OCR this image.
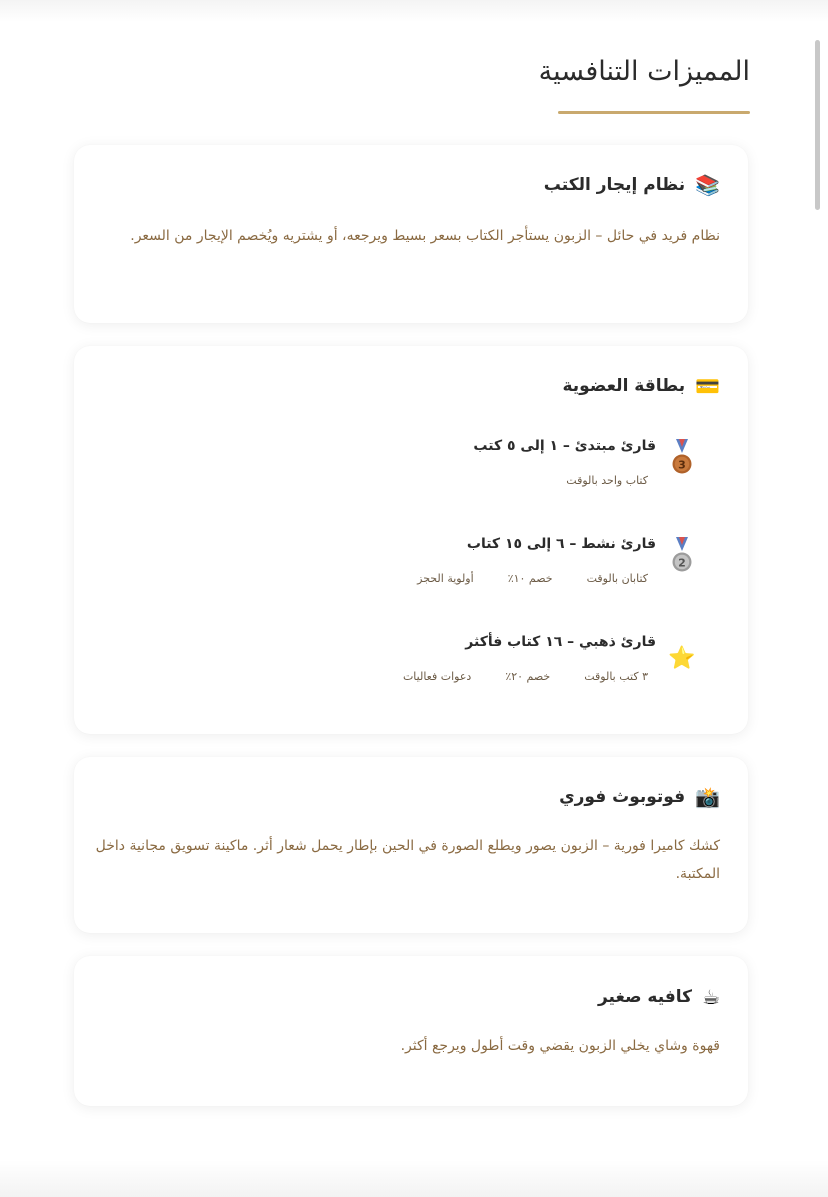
المميزات التنافسية
📚
نظام إيجار الكتب

نظام فريد في حائل – الزبون يستأجر الكتاب بسعر بسيط ويرجعه، أو يشتريه ويُخصم الإيجار من السعر.

💳
بطاقة العضوية
3

قارئ مبتدئ – ١ إلى ٥ كتب

كتاب واحد بالوقت
2

قارئ نشط – ٦ إلى ١٥ كتاب

كتابان بالوقت
خصم ١٠٪
أولوية الحجز
⭐

قارئ ذهبي – ١٦ كتاب فأكثر

٣ كتب بالوقت
خصم ٢٠٪
دعوات فعاليات
📸
فوتوبوث فوري

كشك كاميرا فورية – الزبون يصور ويطلع الصورة في الحين بإطار يحمل شعار أثر. ماكينة تسويق مجانية داخل المكتبة.

☕
كافيه صغير

قهوة وشاي يخلي الزبون يقضي وقت أطول ويرجع أكثر.
